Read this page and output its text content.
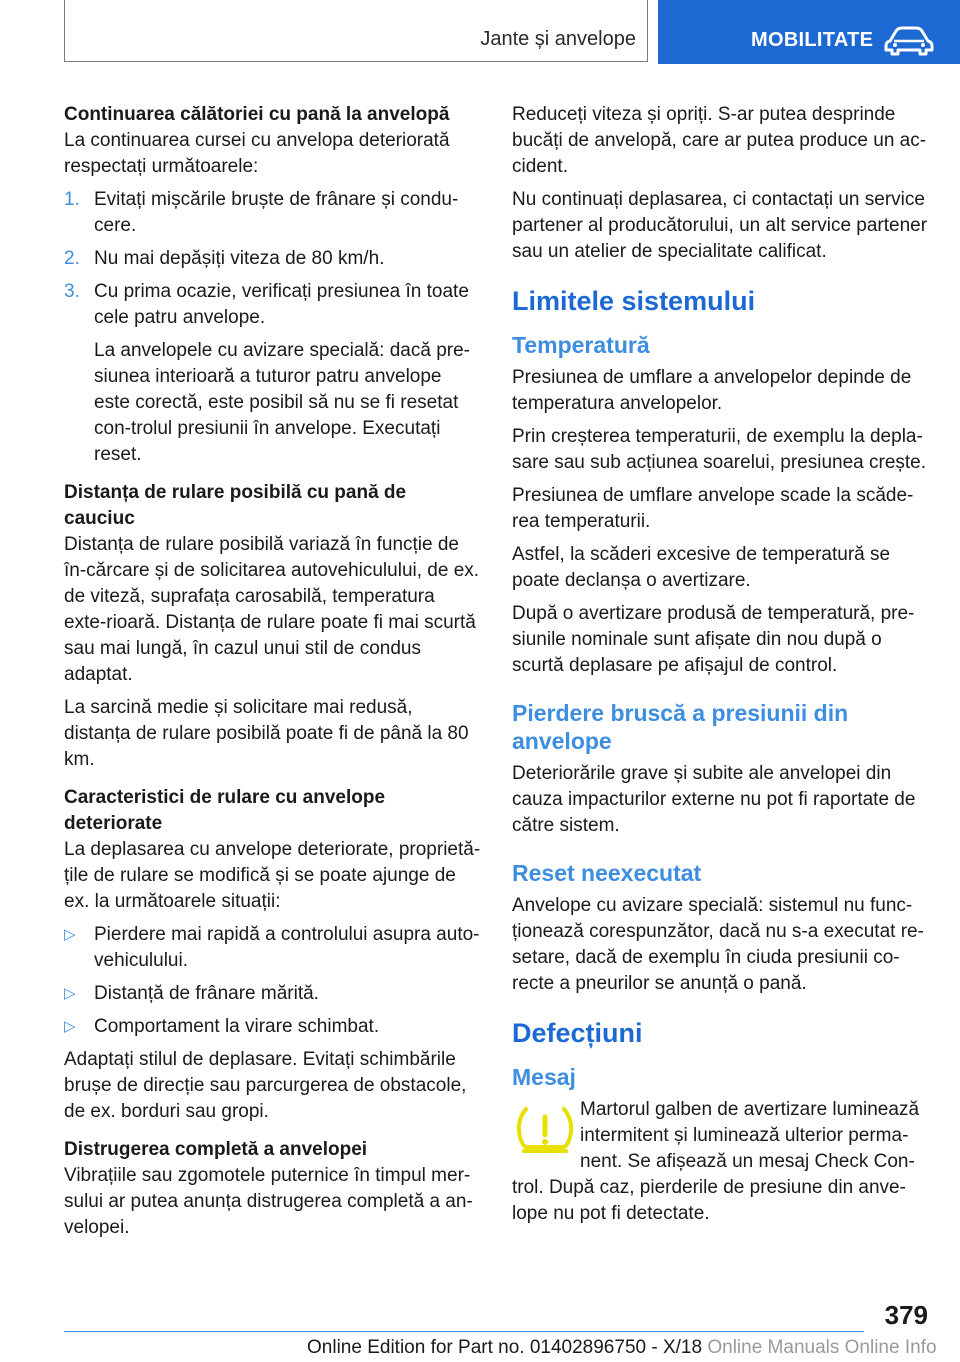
Jante și anvelope	MOBILITATE

Continuarea călătoriei cu pană la anvelopă

La continuarea cursei cu anvelopa deteriorată respectați următoarele:

1. Evitați mișcările bruște de frânare și condu‐cere.
2. Nu mai depășiți viteza de 80 km/h.
3. Cu prima ocazie, verificați presiunea în toate cele patru anvelope.

La anvelopele cu avizare specială: dacă pre‐siunea interioară a tuturor patru anvelope este corectă, este posibil să nu se fi resetat con‐trolul presiunii în anvelope. Executați reset.

Distanța de rulare posibilă cu pană de cauciuc

Distanța de rulare posibilă variază în funcție de în‐cărcare și de solicitarea autovehiculului, de ex. de viteză, suprafața carosabilă, temperatura exte‐rioară. Distanța de rulare poate fi mai scurtă sau mai lungă, în cazul unui stil de condus adaptat.

La sarcină medie și solicitare mai redusă, distanța de rulare posibilă poate fi de până la 80 km.

Caracteristici de rulare cu anvelope deteriorate

La deplasarea cu anvelope deteriorate, proprietă‐țile de rulare se modifică și se poate ajunge de ex. la următoarele situații:

▷ Pierdere mai rapidă a controlului asupra auto‐vehiculului.
▷ Distanță de frânare mărită.
▷ Comportament la virare schimbat.

Adaptați stilul de deplasare. Evitați schimbările brușe de direcție sau parcurgerea de obstacole, de ex. borduri sau gropi.

Distrugerea completă a anvelopei

Vibrațiile sau zgomotele puternice în timpul mer‐sului ar putea anunța distrugerea completă a an‐velopei.

Reduceți viteza și opriți. S-ar putea desprinde bucăți de anvelopă, care ar putea produce un ac‐cident.

Nu continuați deplasarea, ci contactați un service partener al producătorului, un alt service partener sau un atelier de specialitate calificat.

Limitele sistemului
Temperatură

Presiunea de umflare a anvelopelor depinde de temperatura anvelopelor.

Prin creșterea temperaturii, de exemplu la depla‐sare sau sub acțiunea soarelui, presiunea crește.

Presiunea de umflare anvelope scade la scăde‐rea temperaturii.

Astfel, la scăderi excesive de temperatură se poate declanșa o avertizare.

După o avertizare produsă de temperatură, pre‐siunile nominale sunt afișate din nou după o scurtă deplasare pe afișajul de control.

Pierdere bruscă a presiunii din anvelope

Deteriorările grave și subite ale anvelopei din cauza impacturilor externe nu pot fi raportate de către sistem.

Reset neexecutat

Anvelope cu avizare specială: sistemul nu func‐ționează corespunzător, dacă nu s-a executat re‐setare, dacă de exemplu în ciuda presiunii co‐recte a pneurilor se anunță o pană.

Defecțiuni
Mesaj

Martorul galben de avertizare luminează intermitent și luminează ulterior perma‐nent. Se afișează un mesaj Check Con‐trol. După caz, pierderile de presiune din anve‐lope nu pot fi detectate.

379
Online Edition for Part no. 01402896750 - X/18 Online Manuals Online Info
